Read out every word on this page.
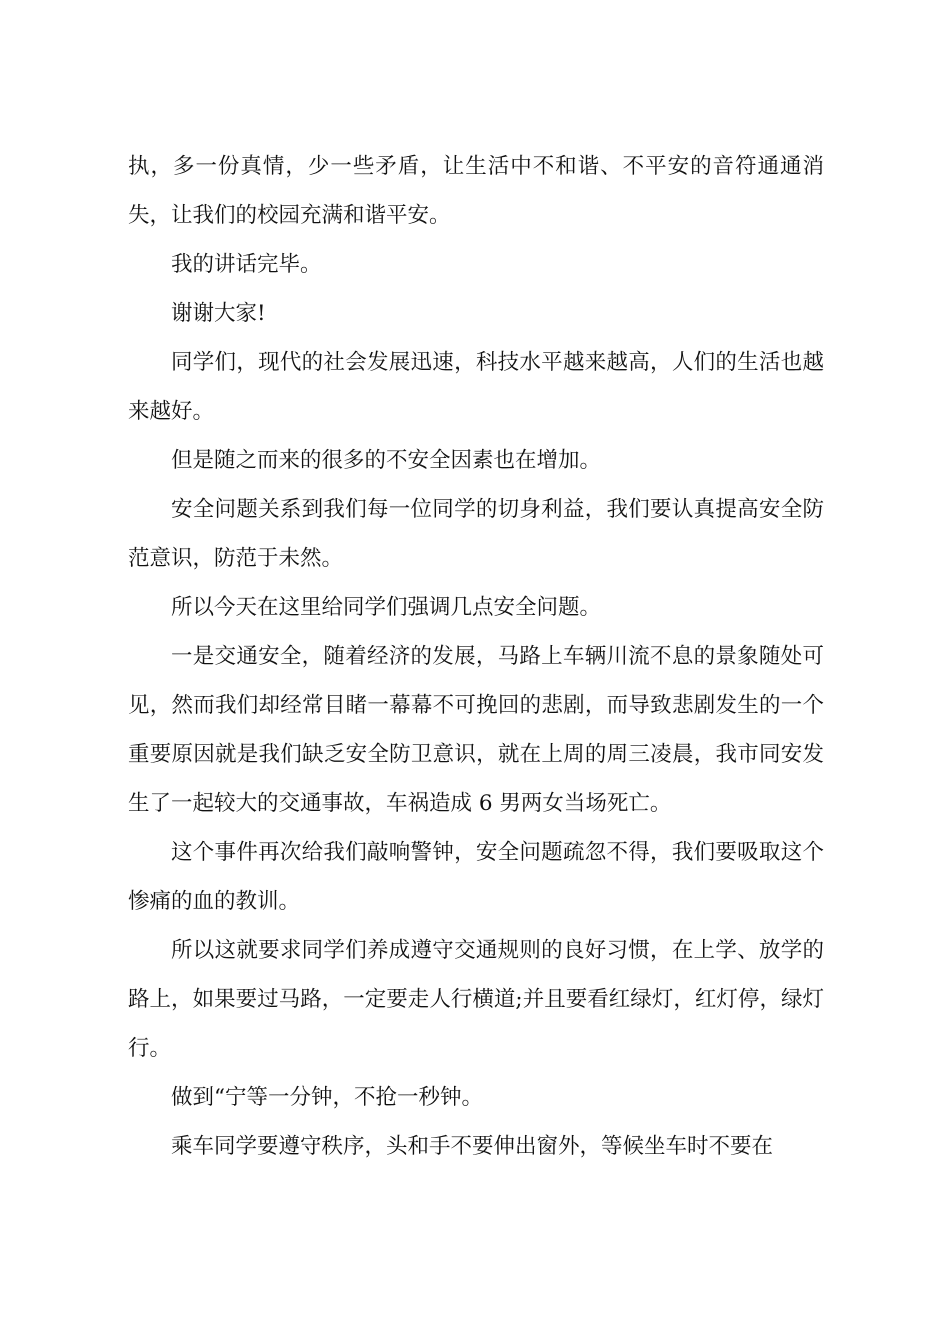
执，多一份真情，少一些矛盾，让生活中不和谐、不平安的音符通通消失，让我们的校园充满和谐平安。

我的讲话完毕。

谢谢大家!

同学们，现代的社会发展迅速，科技水平越来越高，人们的生活也越来越好。

但是随之而来的很多的不安全因素也在增加。

安全问题关系到我们每一位同学的切身利益，我们要认真提高安全防范意识，防范于未然。

所以今天在这里给同学们强调几点安全问题。

一是交通安全，随着经济的发展，马路上车辆川流不息的景象随处可见，然而我们却经常目睹一幕幕不可挽回的悲剧，而导致悲剧发生的一个重要原因就是我们缺乏安全防卫意识，就在上周的周三凌晨，我市同安发生了一起较大的交通事故，车祸造成 6 男两女当场死亡。

这个事件再次给我们敲响警钟，安全问题疏忽不得，我们要吸取这个惨痛的血的教训。

所以这就要求同学们养成遵守交通规则的良好习惯，在上学、放学的路上，如果要过马路，一定要走人行横道;并且要看红绿灯，红灯停，绿灯行。

做到“宁等一分钟，不抢一秒钟。

乘车同学要遵守秩序，头和手不要伸出窗外，等候坐车时不要在
